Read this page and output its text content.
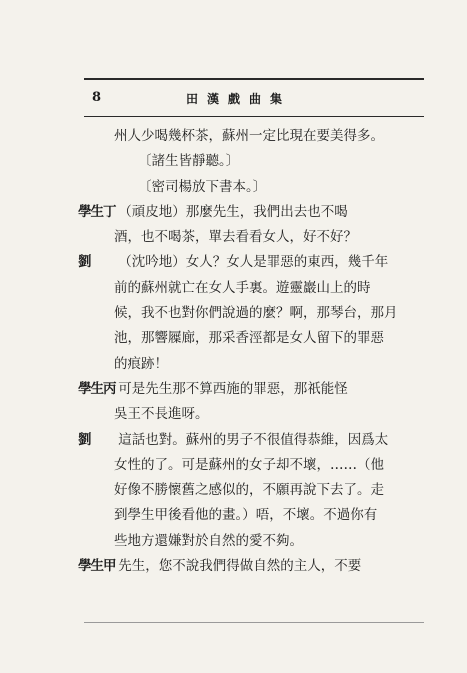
8	田漢戲曲集
州人少喝幾杯茶，蘇州一定比現在要美得多。
〔諸生皆靜聽。〕
〔密司楊放下書本。〕
學生丁 （頑皮地）那麼先生，我們出去也不喝
酒，也不喝茶，單去看看女人，好不好？
劉 （沈吟地）女人？女人是罪惡的東西，幾千年
前的蘇州就亡在女人手裏。遊靈巖山上的時
候，我不也對你們說過的麼？啊，那琴台，那月
池，那響屧廊，那采香涇都是女人留下的罪惡
的痕跡！
學生丙 可是先生那不算西施的罪惡，那祇能怪
吳王不長進呀。
劉 這話也對。蘇州的男子不很值得恭維，因爲太
女性的了。可是蘇州的女子却不壞，……（他
好像不勝懷舊之感似的，不願再說下去了。走
到學生甲後看他的畫。）唔，不壞。不過你有
些地方還嫌對於自然的愛不夠。
學生甲 先生，您不說我們得做自然的主人，不要
